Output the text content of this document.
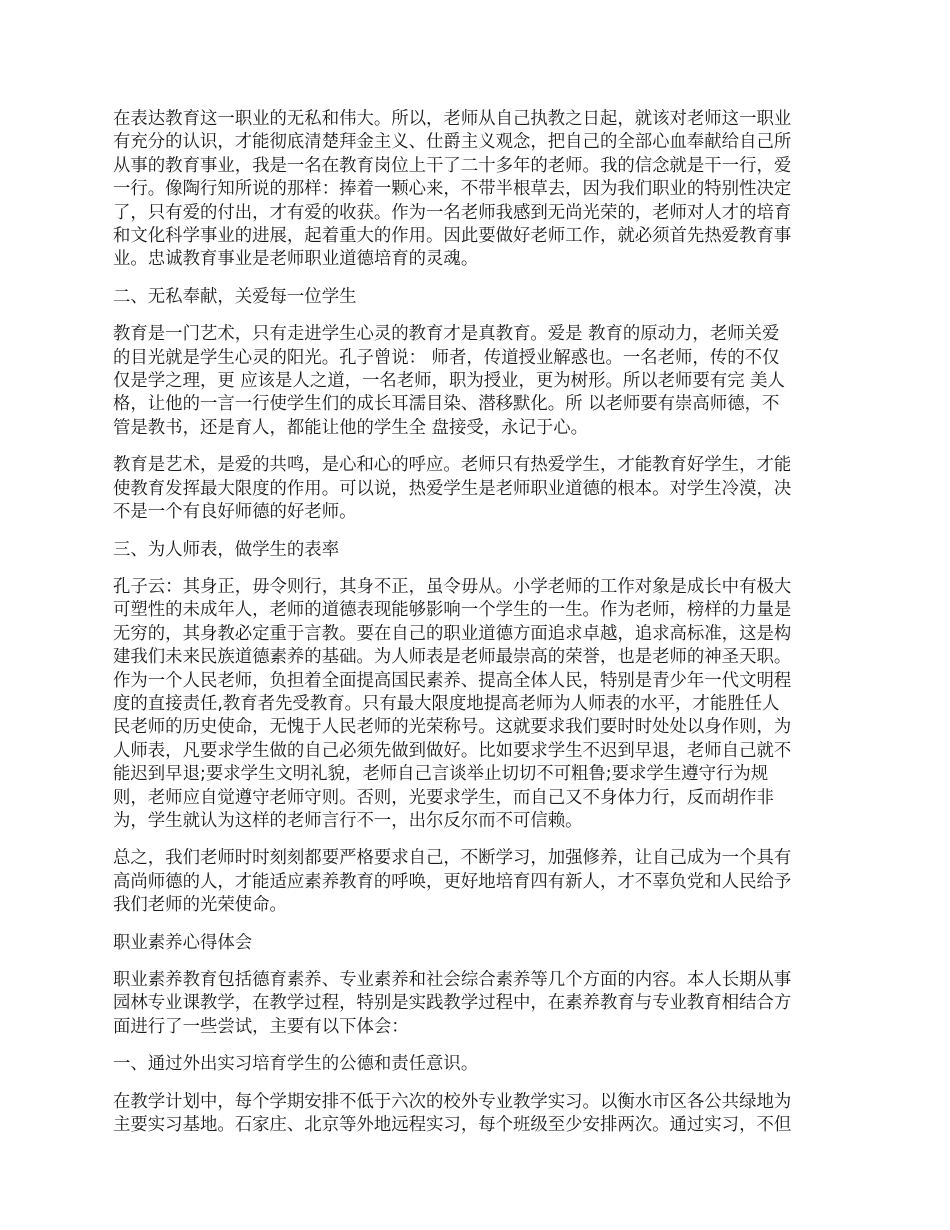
在表达教育这一职业的无私和伟大。所以，老师从自己执教之日起，就该对老师这一职业
有充分的认识，才能彻底清楚拜金主义、仕爵主义观念，把自己的全部心血奉献给自己所
从事的教育事业，我是一名在教育岗位上干了二十多年的老师。我的信念就是干一行，爱
一行。像陶行知所说的那样：捧着一颗心来，不带半根草去，因为我们职业的特别性决定
了，只有爱的付出，才有爱的收获。作为一名老师我感到无尚光荣的，老师对人才的培育
和文化科学事业的进展，起着重大的作用。因此要做好老师工作，就必须首先热爱教育事
业。忠诚教育事业是老师职业道德培育的灵魂。

二、无私奉献，关爱每一位学生

教育是一门艺术，只有走进学生心灵的教育才是真教育。爱是 教育的原动力，老师关爱
的目光就是学生心灵的阳光。孔子曾说： 师者，传道授业解惑也。一名老师，传的不仅
仅是学之理，更 应该是人之道，一名老师，职为授业，更为树形。所以老师要有完 美人
格，让他的一言一行使学生们的成长耳濡目染、潜移默化。所 以老师要有崇高师德，不
管是教书，还是育人，都能让他的学生全 盘接受，永记于心。

教育是艺术，是爱的共鸣，是心和心的呼应。老师只有热爱学生，才能教育好学生，才能
使教育发挥最大限度的作用。可以说，热爱学生是老师职业道德的根本。对学生冷漠，决
不是一个有良好师德的好老师。

三、为人师表，做学生的表率

孔子云：其身正，毋令则行，其身不正，虽令毋从。小学老师的工作对象是成长中有极大
可塑性的未成年人，老师的道德表现能够影响一个学生的一生。作为老师，榜样的力量是
无穷的，其身教必定重于言教。要在自己的职业道德方面追求卓越，追求高标准，这是构
建我们未来民族道德素养的基础。为人师表是老师最崇高的荣誉，也是老师的神圣天职。
作为一个人民老师，负担着全面提高国民素养、提高全体人民，特别是青少年一代文明程
度的直接责任,教育者先受教育。只有最大限度地提高老师为人师表的水平，才能胜任人
民老师的历史使命，无愧于人民老师的光荣称号。这就要求我们要时时处处以身作则，为
人师表，凡要求学生做的自己必须先做到做好。比如要求学生不迟到早退，老师自己就不
能迟到早退;要求学生文明礼貌，老师自己言谈举止切切不可粗鲁;要求学生遵守行为规
则，老师应自觉遵守老师守则。否则，光要求学生，而自己又不身体力行，反而胡作非
为，学生就认为这样的老师言行不一，出尔反尔而不可信赖。

总之，我们老师时时刻刻都要严格要求自己，不断学习，加强修养，让自己成为一个具有
高尚师德的人，才能适应素养教育的呼唤，更好地培育四有新人，才不辜负党和人民给予
我们老师的光荣使命。

职业素养心得体会

职业素养教育包括德育素养、专业素养和社会综合素养等几个方面的内容。本人长期从事
园林专业课教学，在教学过程，特别是实践教学过程中，在素养教育与专业教育相结合方
面进行了一些尝试，主要有以下体会：

一、通过外出实习培育学生的公德和责任意识。

在教学计划中，每个学期安排不低于六次的校外专业教学实习。以衡水市区各公共绿地为
主要实习基地。石家庄、北京等外地远程实习，每个班级至少安排两次。通过实习，不但
